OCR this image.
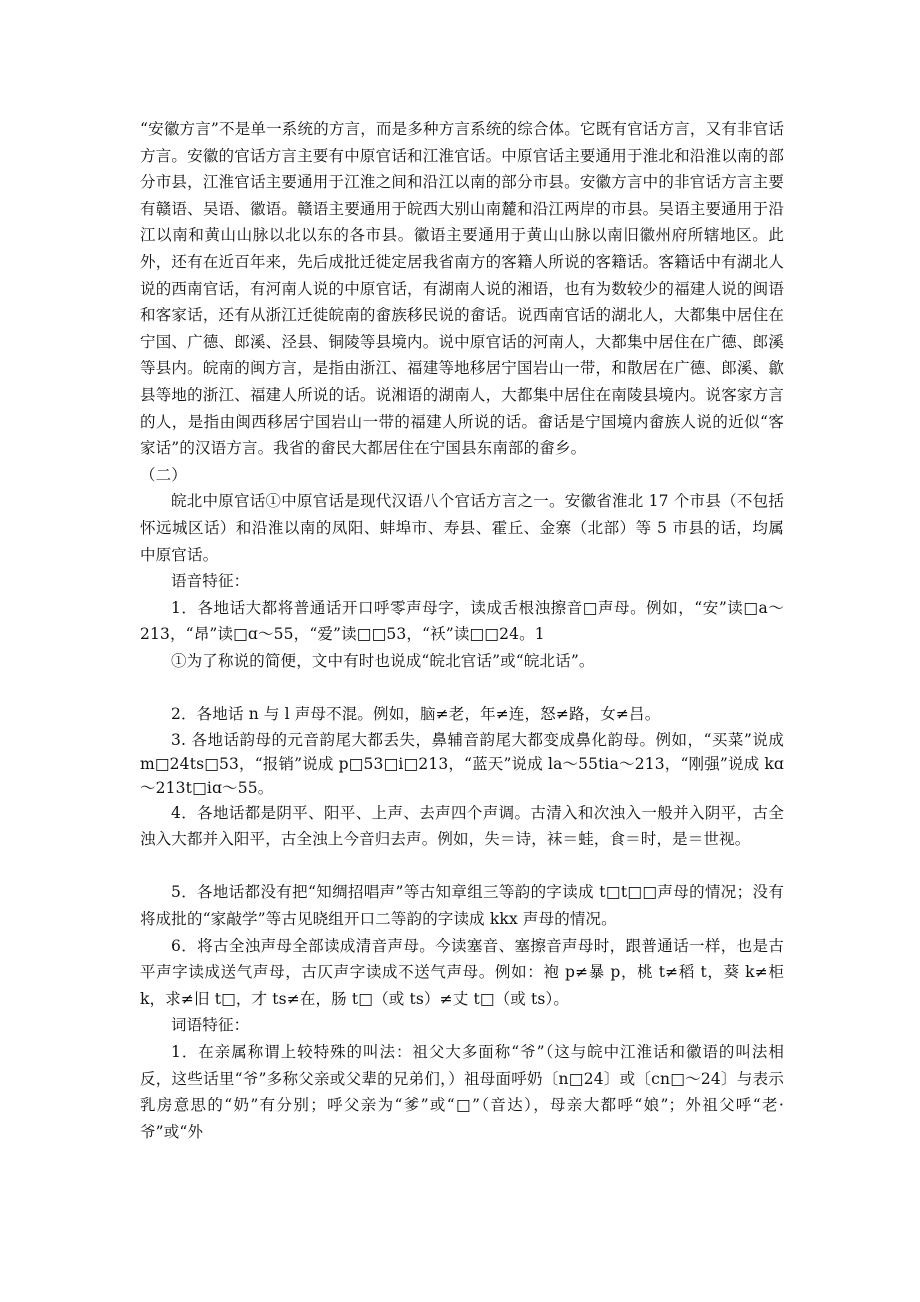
“安徽方言”不是单一系统的方言，而是多种方言系统的综合体。它既有官话方言，又有非官话方言。安徽的官话方言主要有中原官话和江淮官话。中原官话主要通用于淮北和沿淮以南的部分市县，江淮官话主要通用于江淮之间和沿江以南的部分市县。安徽方言中的非官话方言主要有赣语、吴语、徽语。赣语主要通用于皖西大别山南麓和沿江两岸的市县。吴语主要通用于沿江以南和黄山山脉以北以东的各市县。徽语主要通用于黄山山脉以南旧徽州府所辖地区。此外，还有在近百年来，先后成批迁徙定居我省南方的客籍人所说的客籍话。客籍话中有湖北人说的西南官话，有河南人说的中原官话，有湖南人说的湘语，也有为数较少的福建人说的闽语和客家话，还有从浙江迁徙皖南的畲族移民说的畲话。说西南官话的湖北人，大都集中居住在宁国、广德、郎溪、泾县、铜陵等县境内。说中原官话的河南人，大都集中居住在广德、郎溪等县内。皖南的闽方言，是指由浙江、福建等地移居宁国岩山一带，和散居在广德、郎溪、歙县等地的浙江、福建人所说的话。说湘语的湖南人，大都集中居住在南陵县境内。说客家方言的人，是指由闽西移居宁国岩山一带的福建人所说的话。畲话是宁国境内畲族人说的近似“客家话”的汉语方言。我省的畲民大都居住在宁国县东南部的畲乡。

（二）

皖北中原官话①中原官话是现代汉语八个官话方言之一。安徽省淮北 17 个市县（不包括怀远城区话）和沿淮以南的凤阳、蚌埠市、寿县、霍丘、金寨（北部）等 5 市县的话，均属中原官话。

语音特征：

1．各地话大都将普通话开口呼零声母字，读成舌根浊擦音□声母。例如，“安”读□a～213，“昂”读□ɑ～55，“爱”读□□53，“袄”读□□24。1

①为了称说的简便，文中有时也说成“皖北官话”或“皖北话”。

2．各地话 n 与 l 声母不混。例如，脑≠老，年≠连，怒≠路，女≠吕。

3. 各地话韵母的元音韵尾大都丢失，鼻辅音韵尾大都变成鼻化韵母。例如，“买菜”说成 m□24ts□53，“报销”说成 p□53□i□213，“蓝天”说成 la～55tia～213，“刚强”说成 kɑ～213t□iɑ～55。

4．各地话都是阴平、阳平、上声、去声四个声调。古清入和次浊入一般并入阴平，古全浊入大都并入阳平，古全浊上今音归去声。例如，失＝诗，袜＝蛙，食＝时，是＝世视。

5．各地话都没有把“知绸招唱声”等古知章组三等韵的字读成 t□t□□声母的情况；没有将成批的“家敲学”等古见晓组开口二等韵的字读成 kkx 声母的情况。

6．将古全浊声母全部读成清音声母。今读塞音、塞擦音声母时，跟普通话一样，也是古平声字读成送气声母，古仄声字读成不送气声母。例如：袍 p≠暴 p，桃 t≠稻 t，葵 k≠柜 k，求≠旧 t□，才 ts≠在，肠 t□（或 ts）≠丈 t□（或 ts）。

词语特征：

1．在亲属称谓上较特殊的叫法：祖父大多面称“爷”（这与皖中江淮话和徽语的叫法相反，这些话里“爷”多称父亲或父辈的兄弟们，）祖母面呼奶〔n□24〕或〔cn□～24〕与表示乳房意思的“奶”有分别；呼父亲为“爹”或“□”（音达），母亲大都呼“娘”；外祖父呼“老·爷”或“外
